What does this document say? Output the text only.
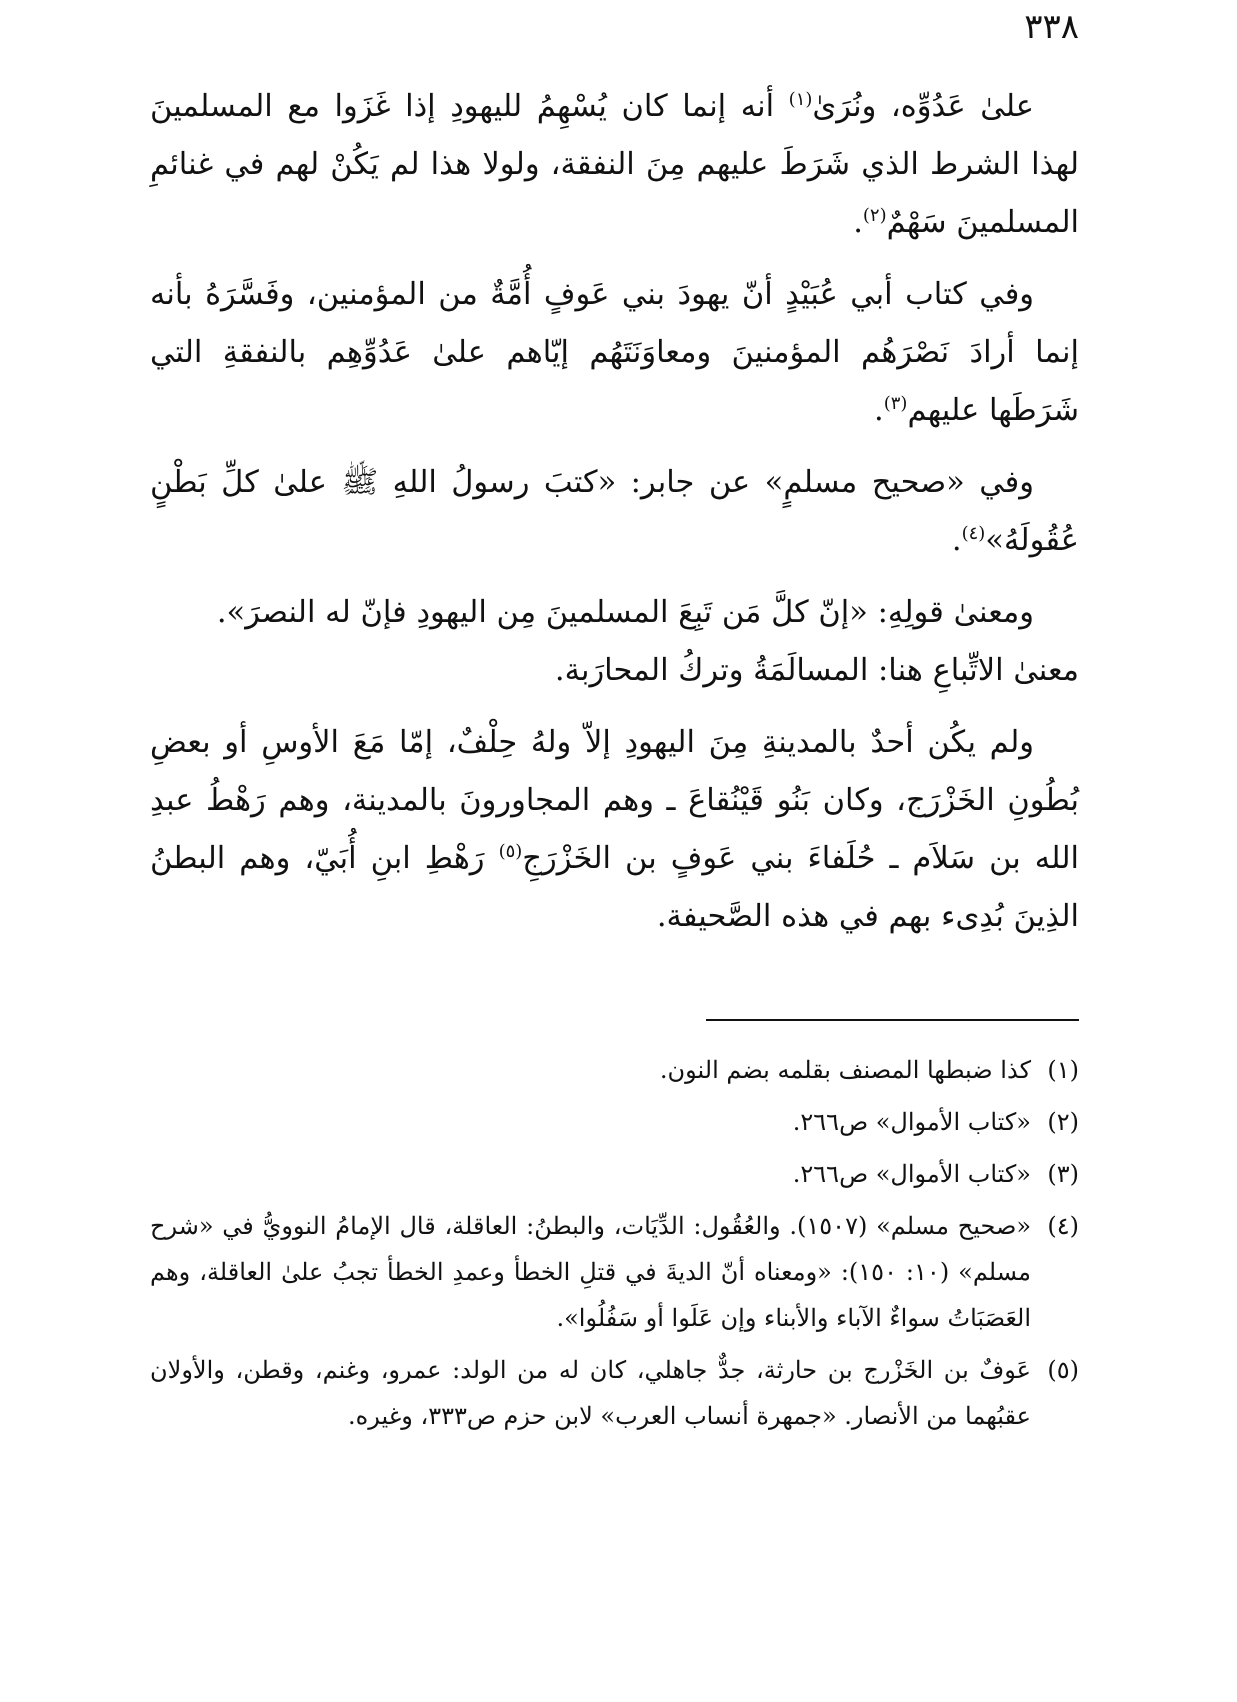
٣٣٨

علىٰ عَدُوِّه، ونُرَىٰ$^{(١)}$ أنه إنما كان يُسْهِمُ لليهودِ إذا غَزَوا مع المسلمينَ لهذا الشرط الذي شَرَطَ عليهم مِنَ النفقة، ولولا هذا لم يَكُنْ لهم في غنائمِ المسلمينَ سَهْمٌ$^{(٢)}$.

وفي كتاب أبي عُبَيْدٍ أنّ يهودَ بني عَوفٍ أُمَّةٌ من المؤمنين، وفَسَّرَهُ بأنه إنما أرادَ نَصْرَهُم المؤمنينَ ومعاوَنَتَهُم إيّاهم علىٰ عَدُوِّهِم بالنفقةِ التي شَرَطَها عليهم$^{(٣)}$.

وفي «صحيح مسلمٍ» عن جابر: «كتبَ رسولُ اللهِ ﷺ علىٰ كلِّ بَطْنٍ عُقُولَهُ»$^{(٤)}$.

ومعنىٰ قولِهِ: «إنّ كلَّ مَن تَبِعَ المسلمينَ مِن اليهودِ فإنّ له النصرَ».

معنىٰ الاتِّباعِ هنا: المسالَمَةُ وتركُ المحارَبة.

ولم يكُن أحدٌ بالمدينةِ مِنَ اليهودِ إلاّ ولهُ حِلْفٌ، إمّا مَعَ الأوسِ أو بعضِ بُطُونِ الخَزْرَج، وكان بَنُو قَيْنُقاعَ ـ وهم المجاورونَ بالمدينة، وهم رَهْطُ عبدِ الله بن سَلاَم ـ حُلَفاءَ بني عَوفٍ بن الخَزْرَجِ$^{(٥)}$ رَهْطِ ابنِ أُبَيّ، وهم البطنُ الذِينَ بُدِىء بهم في هذه الصَّحيفة.

(١)
كذا ضبطها المصنف بقلمه بضم النون.
(٢)
«كتاب الأموال» ص٢٦٦.
(٣)
«كتاب الأموال» ص٢٦٦.
(٤)
«صحيح مسلم» (١٥٠٧). والعُقُول: الدِّيَات، والبطنُ: العاقلة، قال الإمامُ النوويُّ في «شرح مسلم» (١٠: ١٥٠): «ومعناه أنّ الديةَ في قتلِ الخطأ وعمدِ الخطأ تجبُ علىٰ العاقلة، وهم العَصَبَاتُ سواءٌ الآباء والأبناء وإن عَلَوا أو سَفُلُوا».
(٥)
عَوفٌ بن الخَزْرج بن حارثة، جدٌّ جاهلي، كان له من الولد: عمرو، وغنم، وقطن، والأولان عقبُهما من الأنصار. «جمهرة أنساب العرب» لابن حزم ص٣٣٣، وغيره.
